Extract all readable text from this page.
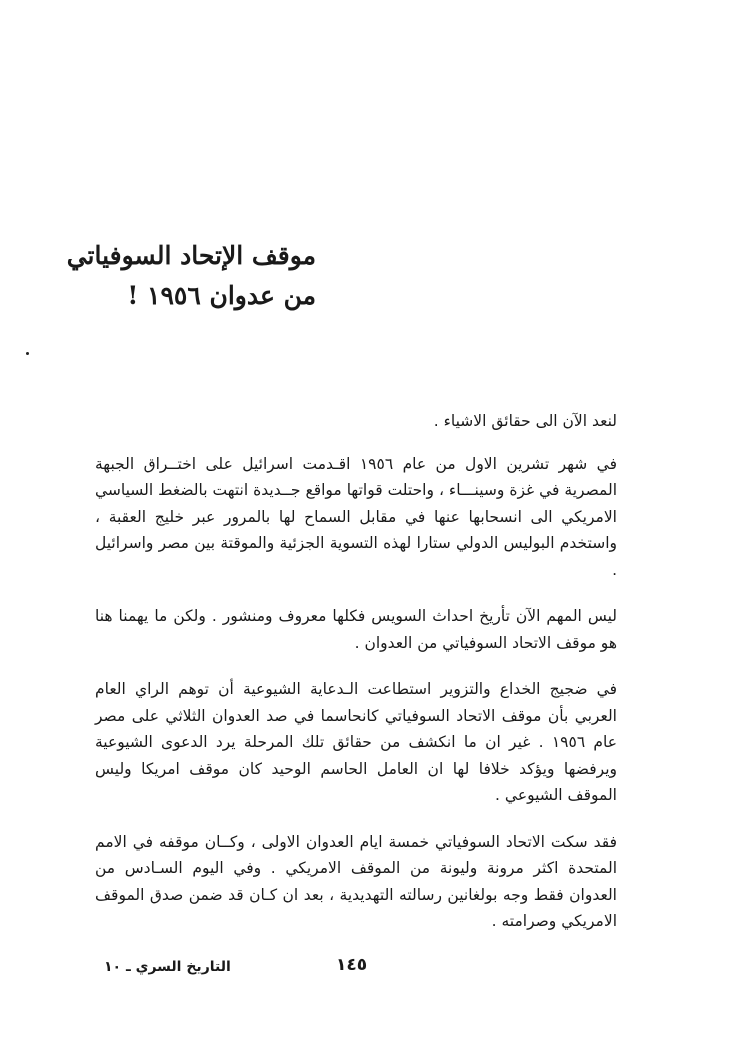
موقف الإتحاد السوفياتي
من عدوان ١٩٥٦ !

لنعد الآن الى حقائق الاشياء .

في شهر تشرين الاول من عام ١٩٥٦ اقـدمت اسرائيل على اختــراق الجبهة المصرية في غزة وسينـــاء ، واحتلت قواتها مواقع جــديدة انتهت بالضغط السياسي الامريكي الى انسحابها عنها في مقابل السماح لها بالمرور عبر خليج العقبة ، واستخدم البوليس الدولي ستارا لهذه التسوية الجزئية والموقتة بين مصر واسرائيل .

ليس المهم الآن تأريخ احداث السويس فكلها معروف ومنشور . ولكن ما يهمنا هنا هو موقف الاتحاد السوفياتي من العدوان .

في ضجيج الخداع والتزوير استطاعت الـدعاية الشيوعية أن توهم الراي العام العربي بأن موقف الاتحاد السوفياتي كانحاسما في صد العدوان الثلاثي على مصر عام ١٩٥٦ . غير ان ما انكشف من حقائق تلك المرحلة يرد الدعوى الشيوعية ويرفضها ويؤكد خلافا لها ان العامل الحاسم الوحيد كان موقف امريكا وليس الموقف الشيوعي .

فقد سكت الاتحاد السوفياتي خمسة ايام العدوان الاولى ، وكــان موقفه في الامم المتحدة اكثر مرونة وليونة من الموقف الامريكي . وفي اليوم السـادس من العدوان فقط وجه بولغانين رسالته التهديدية ، بعد ان كـان قد ضمن صدق الموقف الامريكي وصرامته .

التاريخ السري ـ ١٠	١٤٥
